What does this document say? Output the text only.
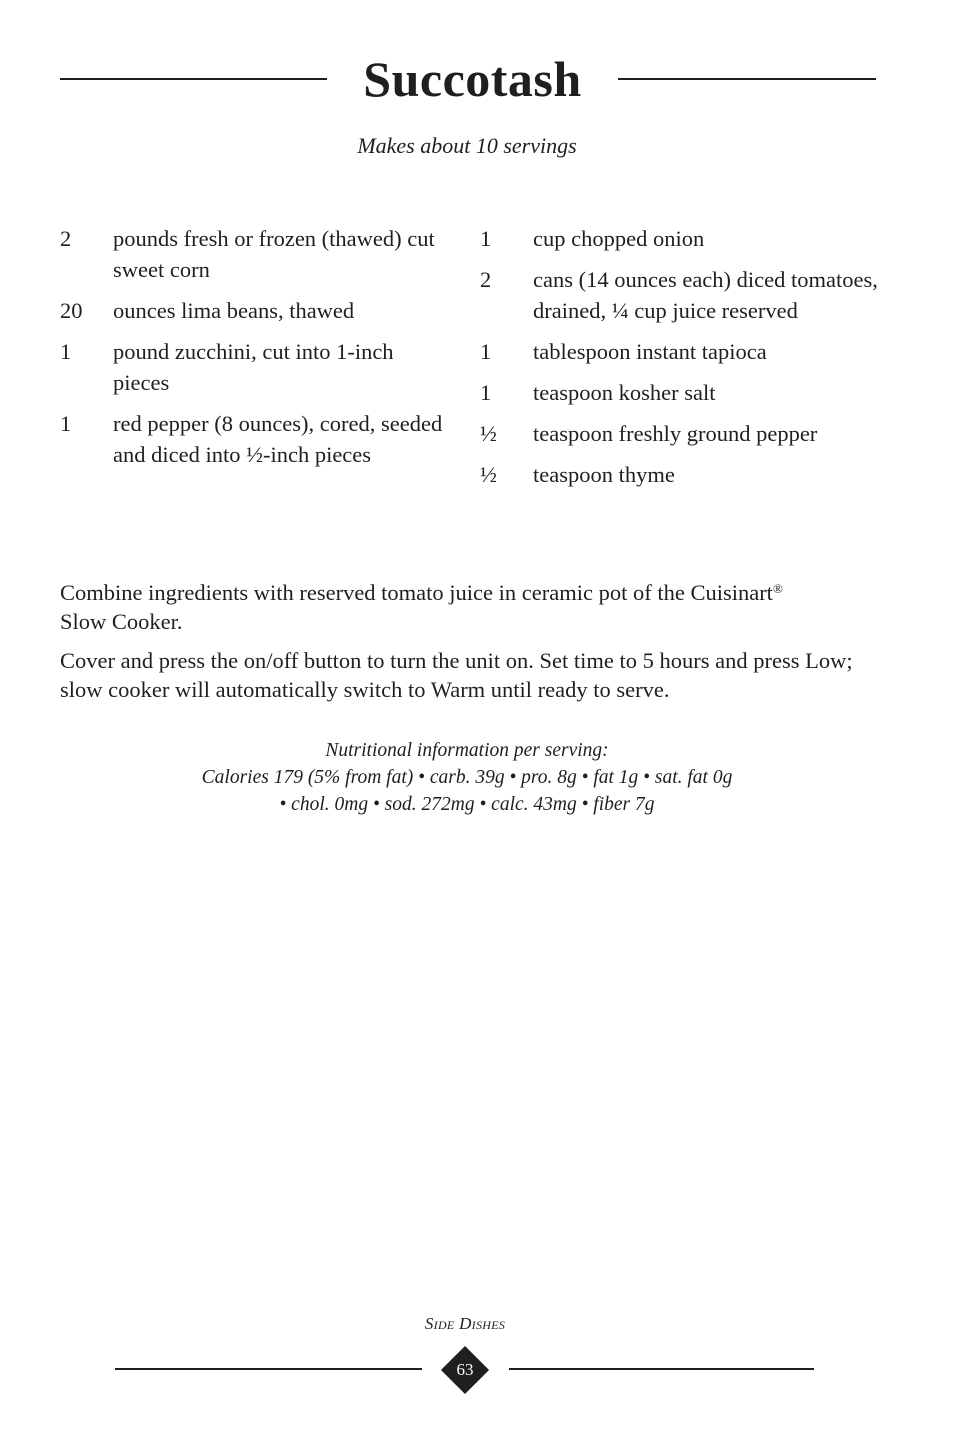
Succotash
Makes about 10 servings
2	pounds fresh or frozen (thawed) cut sweet corn
20	ounces lima beans, thawed
1	pound zucchini, cut into 1-inch pieces
1	red pepper (8 ounces), cored, seeded and diced into ½-inch pieces
1	cup chopped onion
2	cans (14 ounces each) diced tomatoes, drained, ¼ cup juice reserved
1	tablespoon instant tapioca
1	teaspoon kosher salt
½	teaspoon freshly ground pepper
½	teaspoon thyme

Combine ingredients with reserved tomato juice in ceramic pot of the Cuisinart®
Slow Cooker.

Cover and press the on/off button to turn the unit on. Set time to 5 hours and press Low; slow cooker will automatically switch to Warm until ready to serve.

Nutritional information per serving:
Calories 179 (5% from fat) • carb. 39g • pro. 8g • fat 1g • sat. fat 0g
• chol. 0mg • sod. 272mg • calc. 43mg • fiber 7g
Side Dishes
63
